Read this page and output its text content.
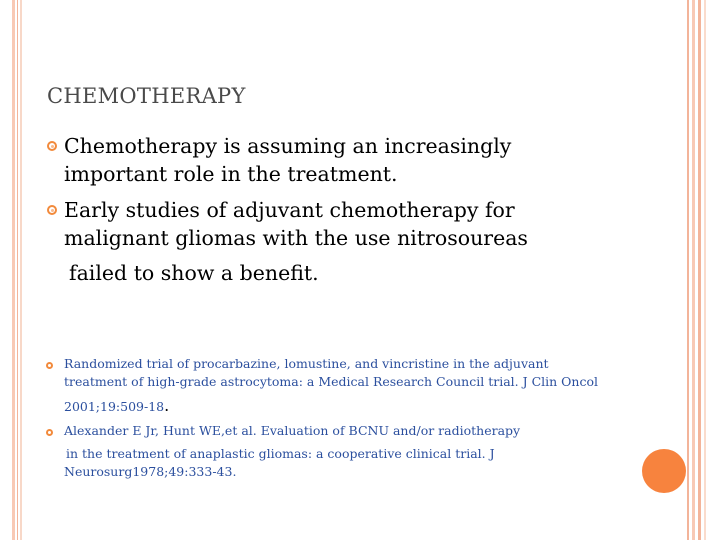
CHEMOTHERAPY
Chemotherapy is assuming an increasingly
important role in the treatment.
Early studies of adjuvant chemotherapy for
malignant gliomas with the use nitrosoureas
failed to show a benefit.
Randomized trial of procarbazine, lomustine, and vincristine in the adjuvant
treatment of high-grade astrocytoma: a Medical Research Council trial. J Clin Oncol
2001;19:509-18.
Alexander E Jr, Hunt WE,et al. Evaluation of BCNU and/or radiotherapy
in the treatment of anaplastic gliomas: a cooperative clinical trial. J
Neurosurg1978;49:333-43.
